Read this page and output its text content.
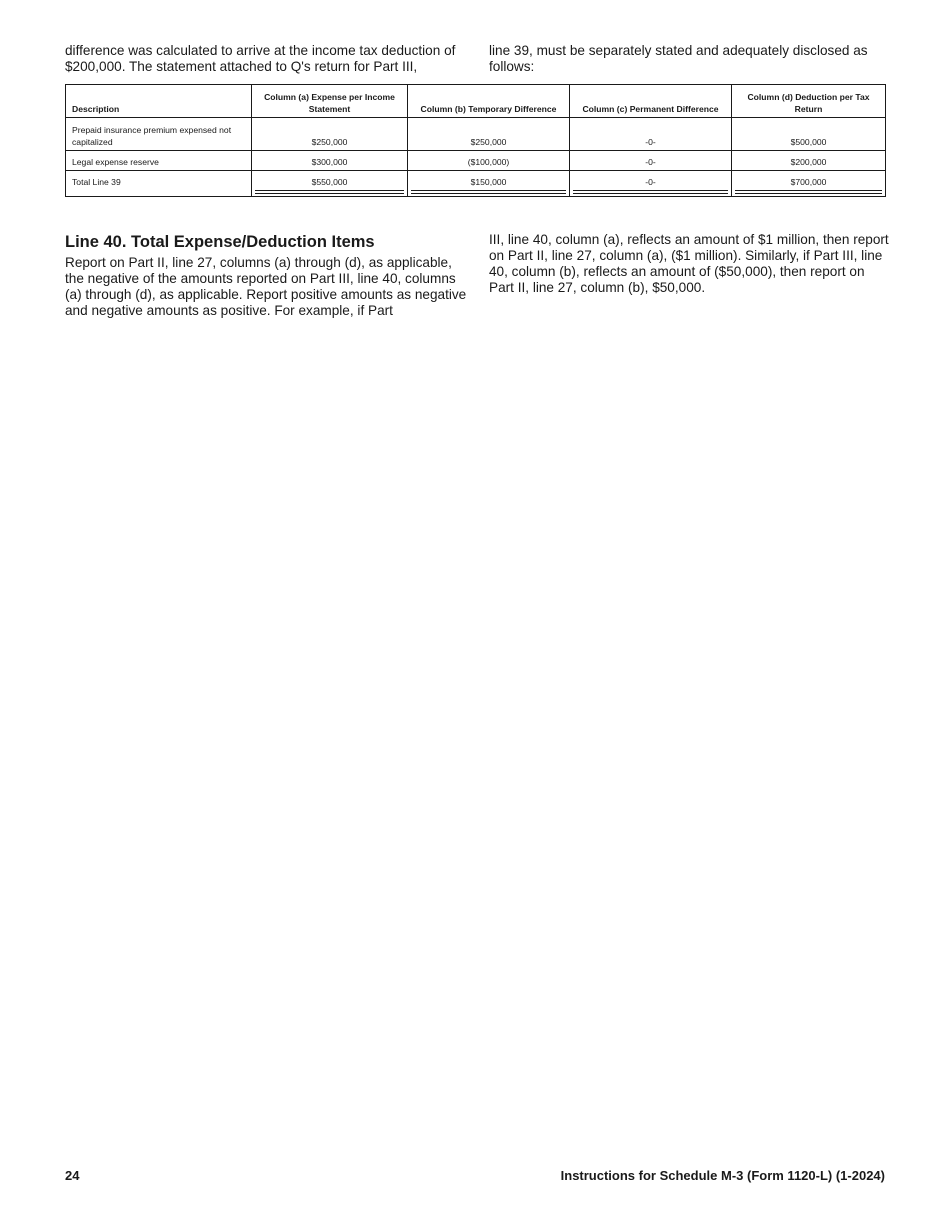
difference was calculated to arrive at the income tax deduction of $200,000. The statement attached to Q's return for Part III,

line 39, must be separately stated and adequately disclosed as follows:

Description	Column (a) Expense per Income Statement	Column (b) Temporary Difference	Column (c) Permanent Difference	Column (d) Deduction per Tax Return
Prepaid insurance premium expensed not capitalized	$250,000	$250,000	-0-	$500,000
Legal expense reserve	$300,000	($100,000)	-0-	$200,000
Total Line 39	$550,000	$150,000	-0-	$700,000
Line 40. Total Expense/Deduction Items

Report on Part II, line 27, columns (a) through (d), as applicable, the negative of the amounts reported on Part III, line 40, columns (a) through (d), as applicable. Report positive amounts as negative and negative amounts as positive. For example, if Part

III, line 40, column (a), reflects an amount of $1 million, then report on Part II, line 27, column (a), ($1 million). Similarly, if Part III, line 40, column (b), reflects an amount of ($50,000), then report on Part II, line 27, column (b), $50,000.

24	Instructions for Schedule M-3 (Form 1120-L) (1-2024)
